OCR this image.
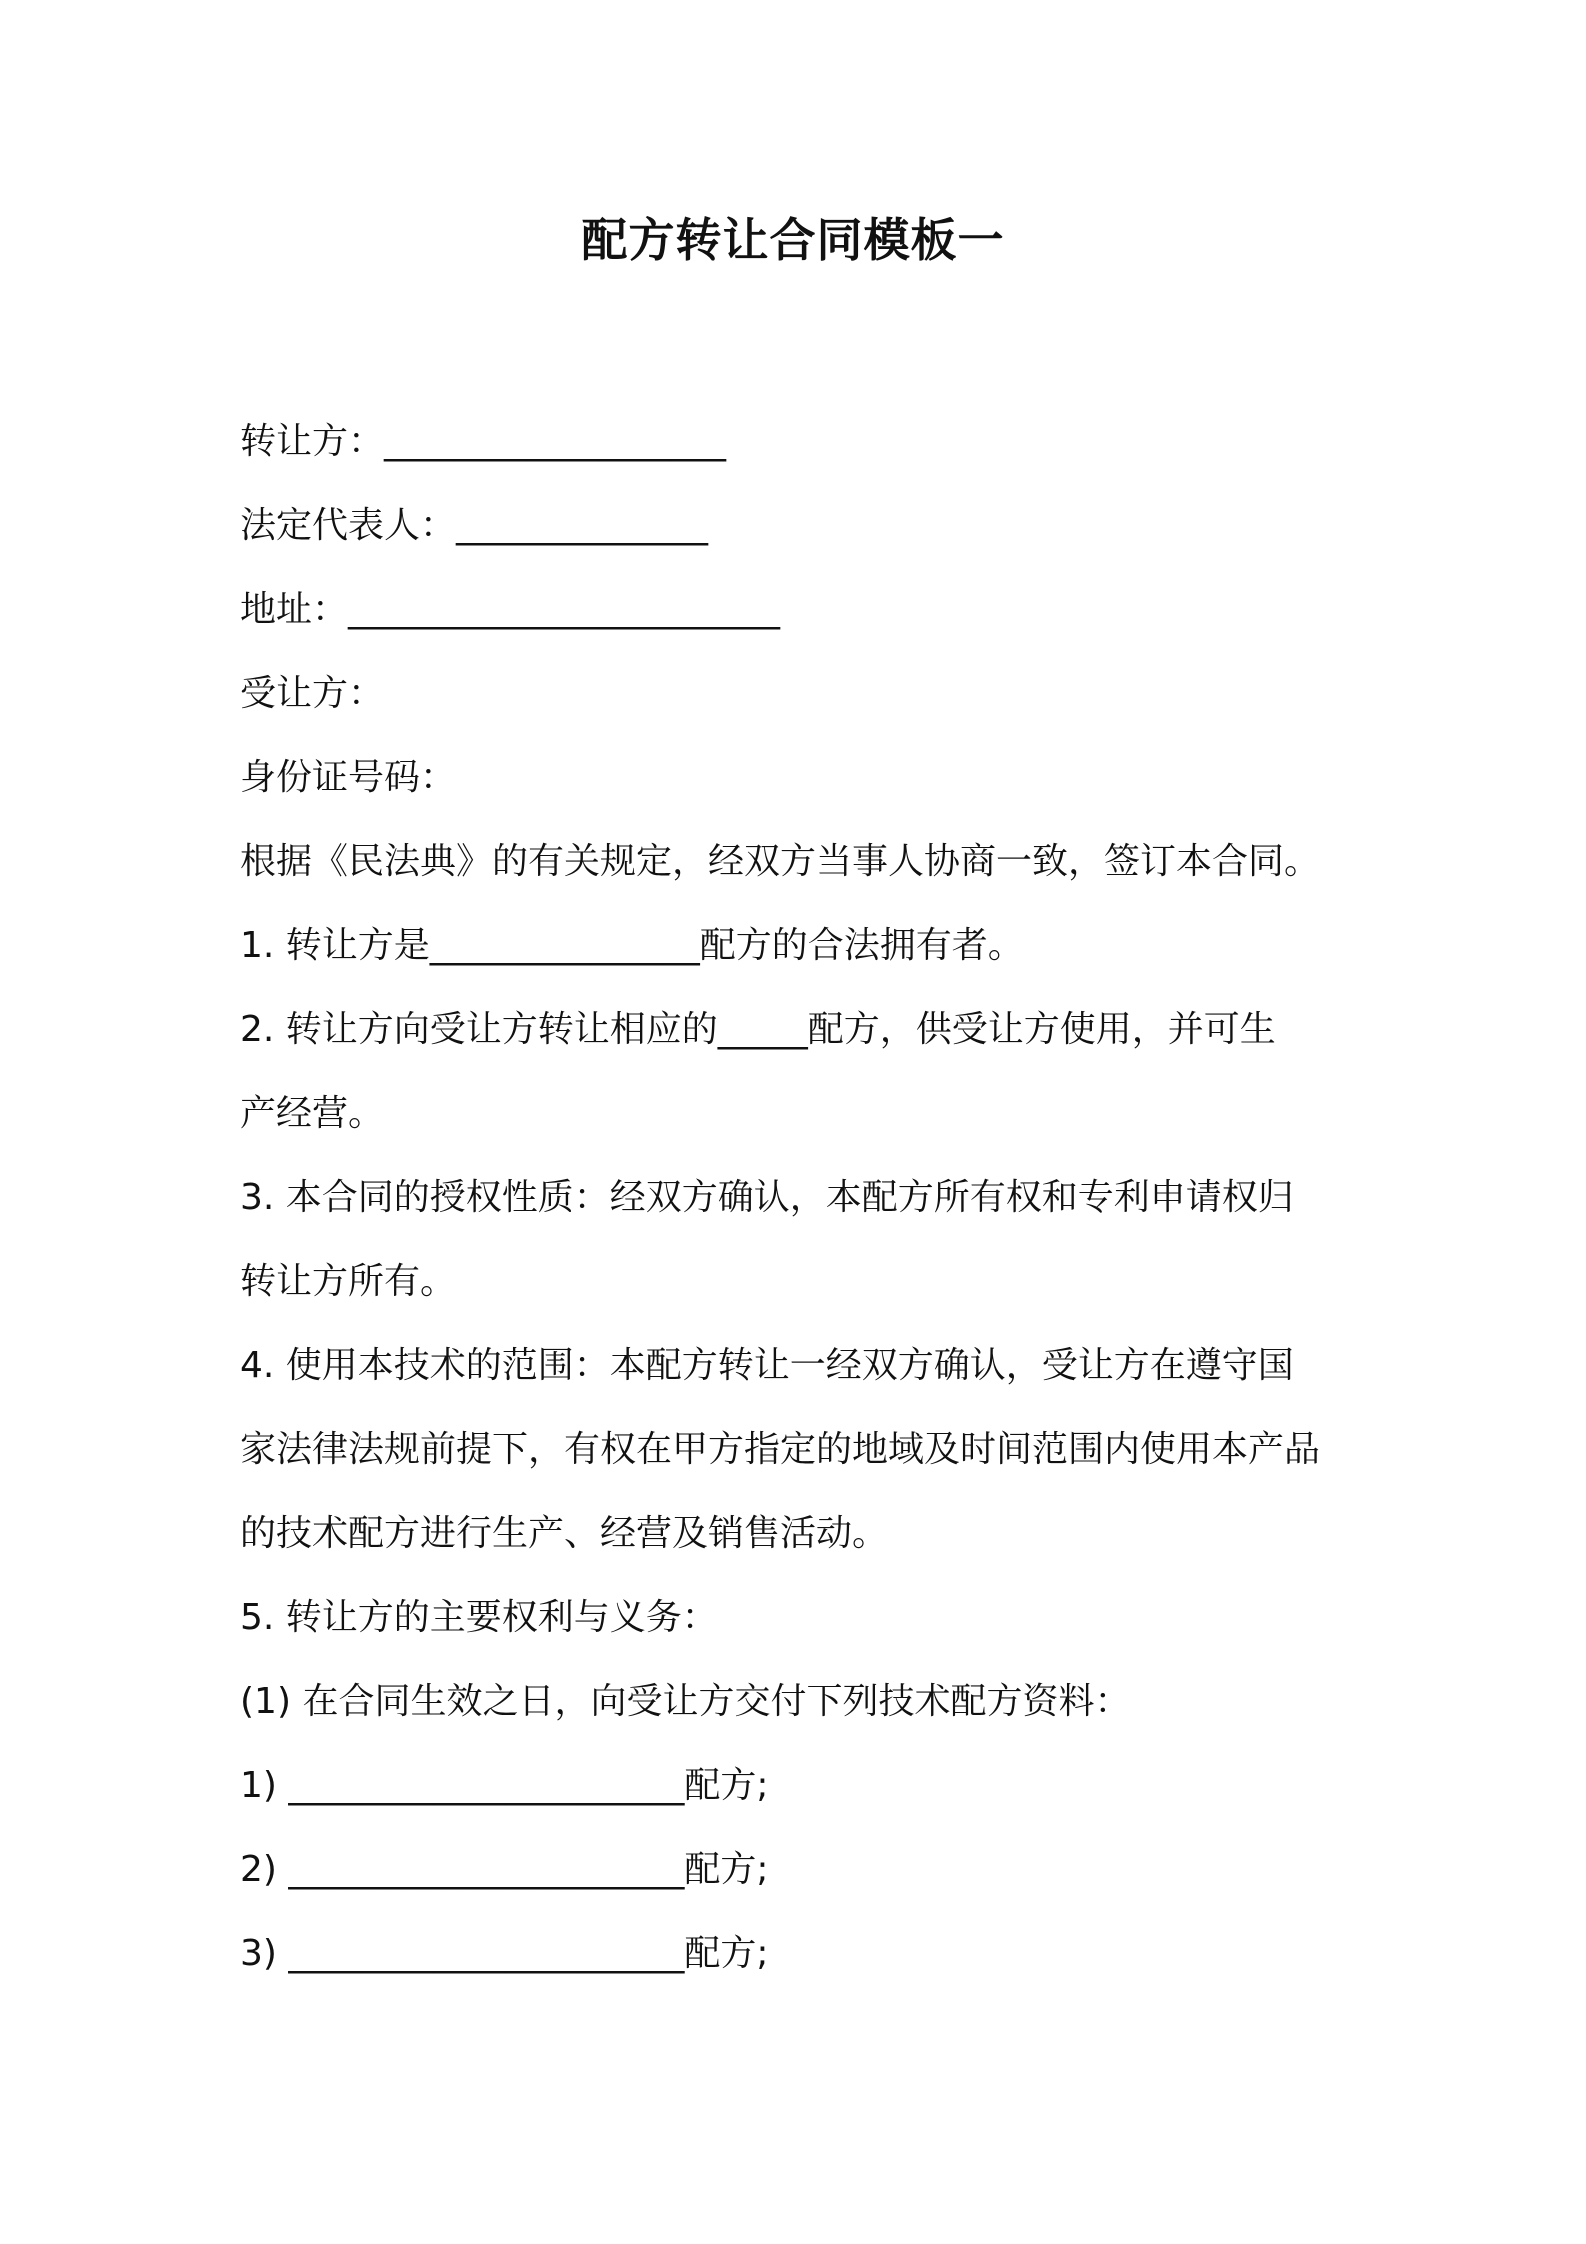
配方转让合同模板一
转让方：___________________
法定代表人：______________
地址：________________________
受让方：
身份证号码：
根据《民法典》的有关规定，经双方当事人协商一致，签订本合同。
1. 转让方是_______________配方的合法拥有者。
2. 转让方向受让方转让相应的_____配方，供受让方使用，并可生
产经营。
3. 本合同的授权性质：经双方确认，本配方所有权和专利申请权归
转让方所有。
4. 使用本技术的范围：本配方转让一经双方确认，受让方在遵守国
家法律法规前提下，有权在甲方指定的地域及时间范围内使用本产品
的技术配方进行生产、经营及销售活动。
5. 转让方的主要权利与义务：
(1) 在合同生效之日，向受让方交付下列技术配方资料：
1) ______________________配方;
2) ______________________配方;
3) ______________________配方;
